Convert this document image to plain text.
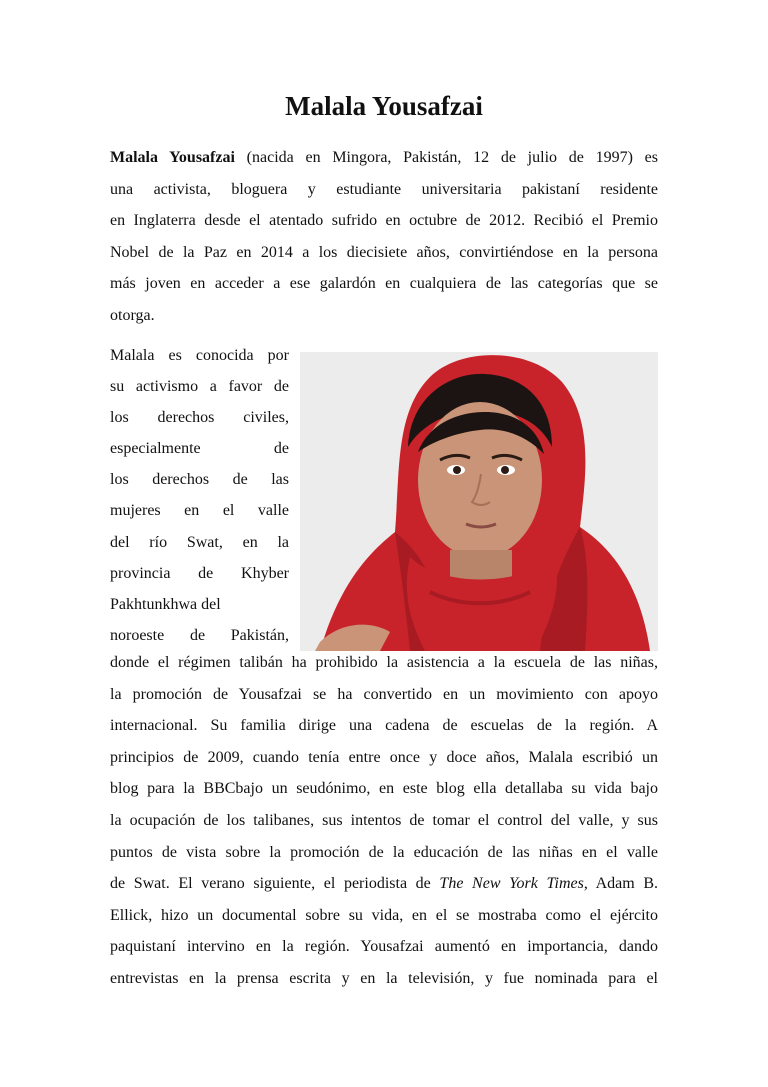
Malala Yousafzai
Malala Yousafzai (nacida en Mingora, Pakistán, 12 de julio de 1997) es
una activista, bloguera y estudiante universitaria pakistaní residente
en Inglaterra desde el atentado sufrido en octubre de 2012. Recibió el Premio
Nobel de la Paz en 2014 a los diecisiete años, convirtiéndose en la persona
más joven en acceder a ese galardón en cualquiera de las categorías que se
otorga.
Malala es conocida por
su activismo a favor de
los derechos civiles,
especialmente de
los derechos de las
mujeres en el valle
del río Swat, en la
provincia de Khyber
Pakhtunkhwa del
noroeste de Pakistán,
donde el régimen talibán ha prohibido la asistencia a la escuela de las niñas,
la promoción de Yousafzai se ha convertido en un movimiento con apoyo
internacional. Su familia dirige una cadena de escuelas de la región. A
principios de 2009, cuando tenía entre once y doce años, Malala escribió un
blog para la BBCbajo un seudónimo, en este blog ella detallaba su vida bajo
la ocupación de los talibanes, sus intentos de tomar el control del valle, y sus
puntos de vista sobre la promoción de la educación de las niñas en el valle
de Swat. El verano siguiente, el periodista de The New York Times, Adam B.
Ellick, hizo un documental sobre su vida, en el se mostraba como el ejército
paquistaní intervino en la región. Yousafzai aumentó en importancia, dando
entrevistas en la prensa escrita y en la televisión, y fue nominada para el
